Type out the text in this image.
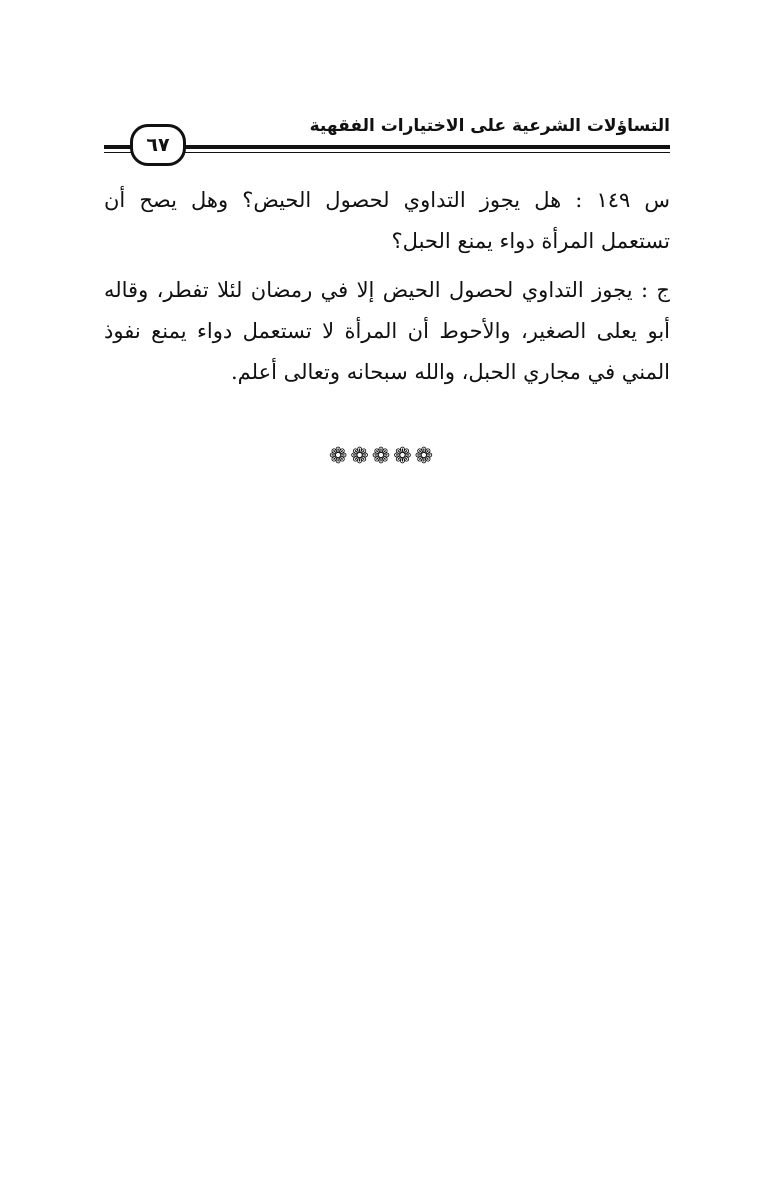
التساؤلات الشرعية على الاختيارات الفقهية
٦٧

س ١٤٩ : هل يجوز التداوي لحصول الحيض؟ وهل يصح أن تستعمل المرأة دواء يمنع الحبل؟

ج : يجوز التداوي لحصول الحيض إلا في رمضان لئلا تفطر، وقاله أبو يعلى الصغير، والأحوط أن المرأة لا تستعمل دواء يمنع نفوذ المني في مجاري الحبل، والله سبحانه وتعالى أعلم.

❁❁❁❁❁
